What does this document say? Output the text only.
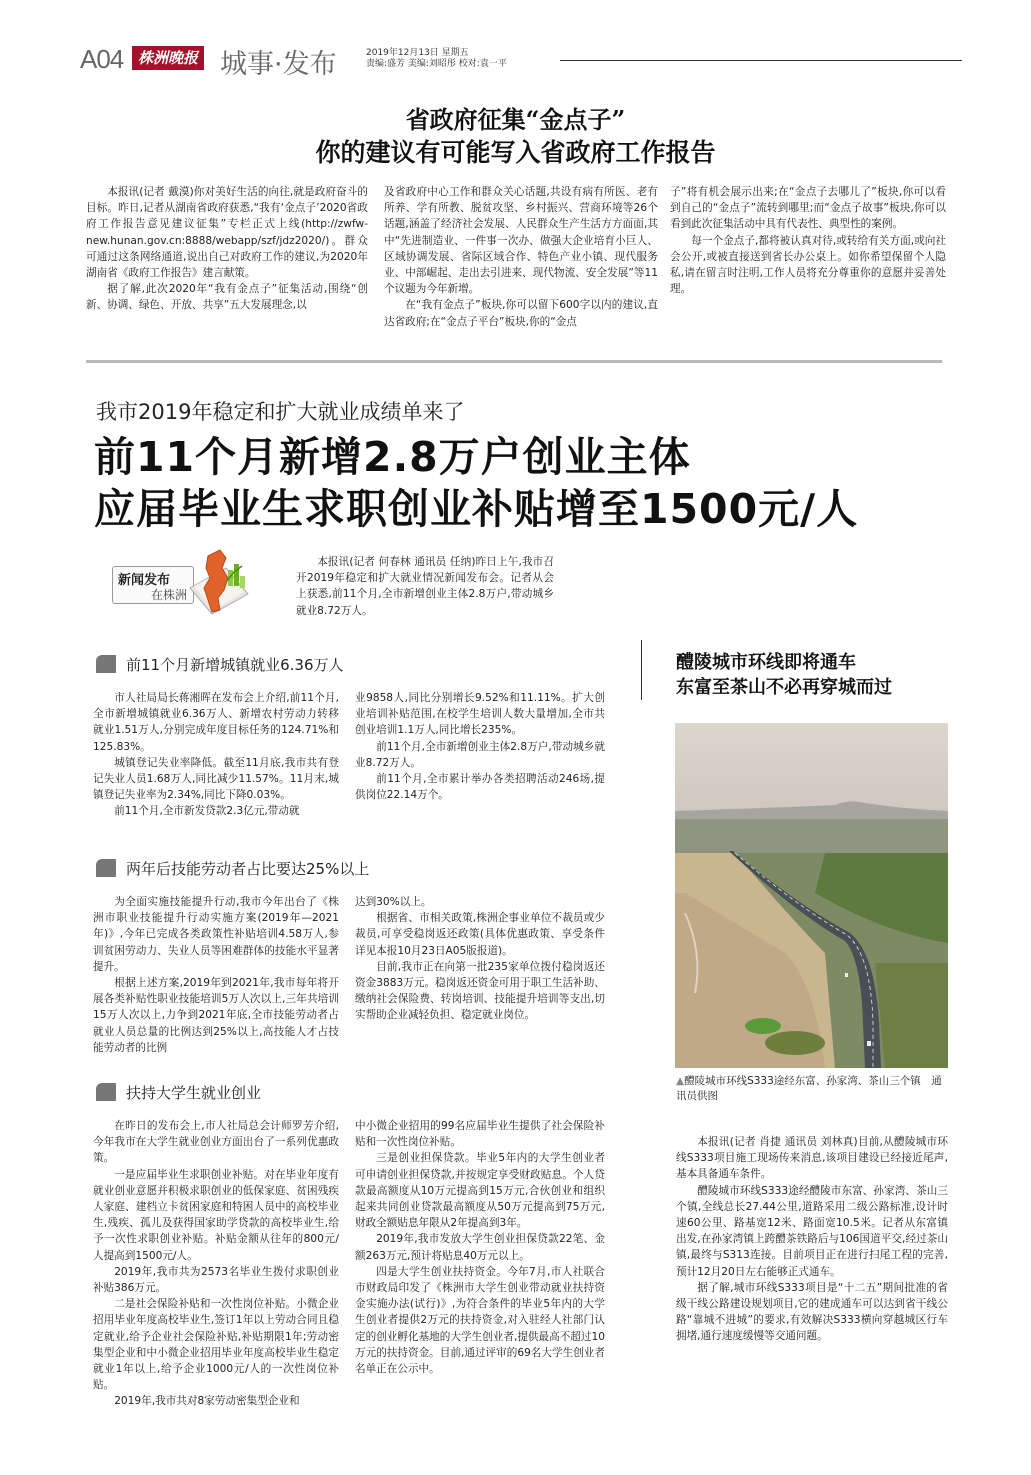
A04 株洲晚报 城事·发布	2019年12月13日 星期五
责编:盛芳 美编:刘昭彤 校对:袁一平
省政府征集“金点子”
你的建议有可能写入省政府工作报告

本报讯(记者 戴漠)你对美好生活的向往,就是政府奋斗的目标。昨日,记者从湖南省政府获悉,“我有‘金点子’2020省政府工作报告意见建议征集”专栏正式上线(http://zwfw-new.hunan.gov.cn:8888/webapp/szf/jdz2020/)。群众可通过这条网络通道,说出自己对政府工作的建议,为2020年湖南省《政府工作报告》建言献策。

据了解,此次2020年“我有金点子”征集活动,围绕“创新、协调、绿色、开放、共享”五大发展理念,以

及省政府中心工作和群众关心话题,共设有病有所医、老有所养、学有所教、脱贫攻坚、乡村振兴、营商环境等26个话题,涵盖了经济社会发展、人民群众生产生活方方面面,其中“先进制造业、一件事一次办、做强大企业培育小巨人、区域协调发展、省际区域合作、特色产业小镇、现代服务业、中部崛起、走出去引进来、现代物流、安全发展”等11个议题为今年新增。

在“我有金点子”板块,你可以留下600字以内的建议,直达省政府;在“金点子平台”板块,你的“金点

子”将有机会展示出来;在“金点子去哪儿了”板块,你可以看到自己的“金点子”流转到哪里;而“金点子故事”板块,你可以看到此次征集活动中具有代表性、典型性的案例。

每一个金点子,都将被认真对待,或转给有关方面,或向社会公开,或被直接送到省长办公桌上。如你希望保留个人隐私,请在留言时注明,工作人员将充分尊重你的意愿并妥善处理。

我市2019年稳定和扩大就业成绩单来了
前11个月新增2.8万户创业主体
应届毕业生求职创业补贴增至1500元/人
新闻发布
在株洲

本报讯(记者 何春林 通讯员 任纳)昨日上午,我市召开2019年稳定和扩大就业情况新闻发布会。记者从会上获悉,前11个月,全市新增创业主体2.8万户,带动城乡就业8.72万人。

前11个月新增城镇就业6.36万人

市人社局局长蒋湘晖在发布会上介绍,前11个月,全市新增城镇就业6.36万人、新增农村劳动力转移就业1.51万人,分别完成年度目标任务的124.71%和125.83%。

城镇登记失业率降低。截至11月底,我市共有登记失业人员1.68万人,同比减少11.57%。11月末,城镇登记失业率为2.34%,同比下降0.03%。

前11个月,全市新发贷款2.3亿元,带动就

业9858人,同比分别增长9.52%和11.11%。扩大创业培训补贴范围,在校学生培训人数大量增加,全市共创业培训1.1万人,同比增长235%。

前11个月,全市新增创业主体2.8万户,带动城乡就业8.72万人。

前11个月,全市累计举办各类招聘活动246场,提供岗位22.14万个。

两年后技能劳动者占比要达25%以上

为全面实施技能提升行动,我市今年出台了《株洲市职业技能提升行动实施方案(2019年—2021年)》,今年已完成各类政策性补贴培训4.58万人,参训贫困劳动力、失业人员等困难群体的技能水平显著提升。

根据上述方案,2019年到2021年,我市每年将开展各类补贴性职业技能培训5万人次以上,三年共培训15万人次以上,力争到2021年底,全市技能劳动者占就业人员总量的比例达到25%以上,高技能人才占技能劳动者的比例

达到30%以上。

根据省、市相关政策,株洲企事业单位不裁员或少裁员,可享受稳岗返还政策(具体优惠政策、享受条件详见本报10月23日A05版报道)。

目前,我市正在向第一批235家单位拨付稳岗返还资金3883万元。稳岗返还资金可用于职工生活补助、缴纳社会保险费、转岗培训、技能提升培训等支出,切实帮助企业减轻负担、稳定就业岗位。

扶持大学生就业创业

在昨日的发布会上,市人社局总会计师罗芳介绍,今年我市在大学生就业创业方面出台了一系列优惠政策。

一是应届毕业生求职创业补贴。对在毕业年度有就业创业意愿并积极求职创业的低保家庭、贫困残疾人家庭、建档立卡贫困家庭和特困人员中的高校毕业生,残疾、孤儿及获得国家助学贷款的高校毕业生,给予一次性求职创业补贴。补贴金额从往年的800元/人提高到1500元/人。

2019年,我市共为2573名毕业生拨付求职创业补贴386万元。

二是社会保险补贴和一次性岗位补贴。小微企业招用毕业年度高校毕业生,签订1年以上劳动合同且稳定就业,给予企业社会保险补贴,补贴期限1年;劳动密集型企业和中小微企业招用毕业年度高校毕业生稳定就业1年以上,给予企业1000元/人的一次性岗位补贴。

2019年,我市共对8家劳动密集型企业和

中小微企业招用的99名应届毕业生提供了社会保险补贴和一次性岗位补贴。

三是创业担保贷款。毕业5年内的大学生创业者可申请创业担保贷款,并按规定享受财政贴息。个人贷款最高额度从10万元提高到15万元,合伙创业和组织起来共同创业贷款最高额度从50万元提高到75万元,财政全额贴息年限从2年提高到3年。

2019年,我市发放大学生创业担保贷款22笔、金额263万元,预计将贴息40万元以上。

四是大学生创业扶持资金。今年7月,市人社联合市财政局印发了《株洲市大学生创业带动就业扶持资金实施办法(试行)》,为符合条件的毕业5年内的大学生创业者提供2万元的扶持资金,对入驻经人社部门认定的创业孵化基地的大学生创业者,提供最高不超过10万元的扶持资金。目前,通过评审的69名大学生创业者名单正在公示中。

醴陵城市环线即将通车
东富至茶山不必再穿城而过
▲醴陵城市环线S333途经东富、孙家湾、茶山三个镇　通讯员供图

本报讯(记者 肖捷 通讯员 刘林真)目前,从醴陵城市环线S333项目施工现场传来消息,该项目建设已经接近尾声,基本具备通车条件。

醴陵城市环线S333途经醴陵市东富、孙家湾、茶山三个镇,全线总长27.44公里,道路采用二级公路标准,设计时速60公里、路基宽12米、路面宽10.5米。记者从东富镇出发,在孙家湾镇上跨醴茶铁路后与106国道平交,经过茶山镇,最终与S313连接。目前项目正在进行扫尾工程的完善,预计12月20日左右能够正式通车。

据了解,城市环线S333项目是“十二五”期间批准的省级干线公路建设规划项目,它的建成通车可以达到省干线公路“靠城不进城”的要求,有效解决S333横向穿越城区行车拥堵,通行速度缓慢等交通问题。
